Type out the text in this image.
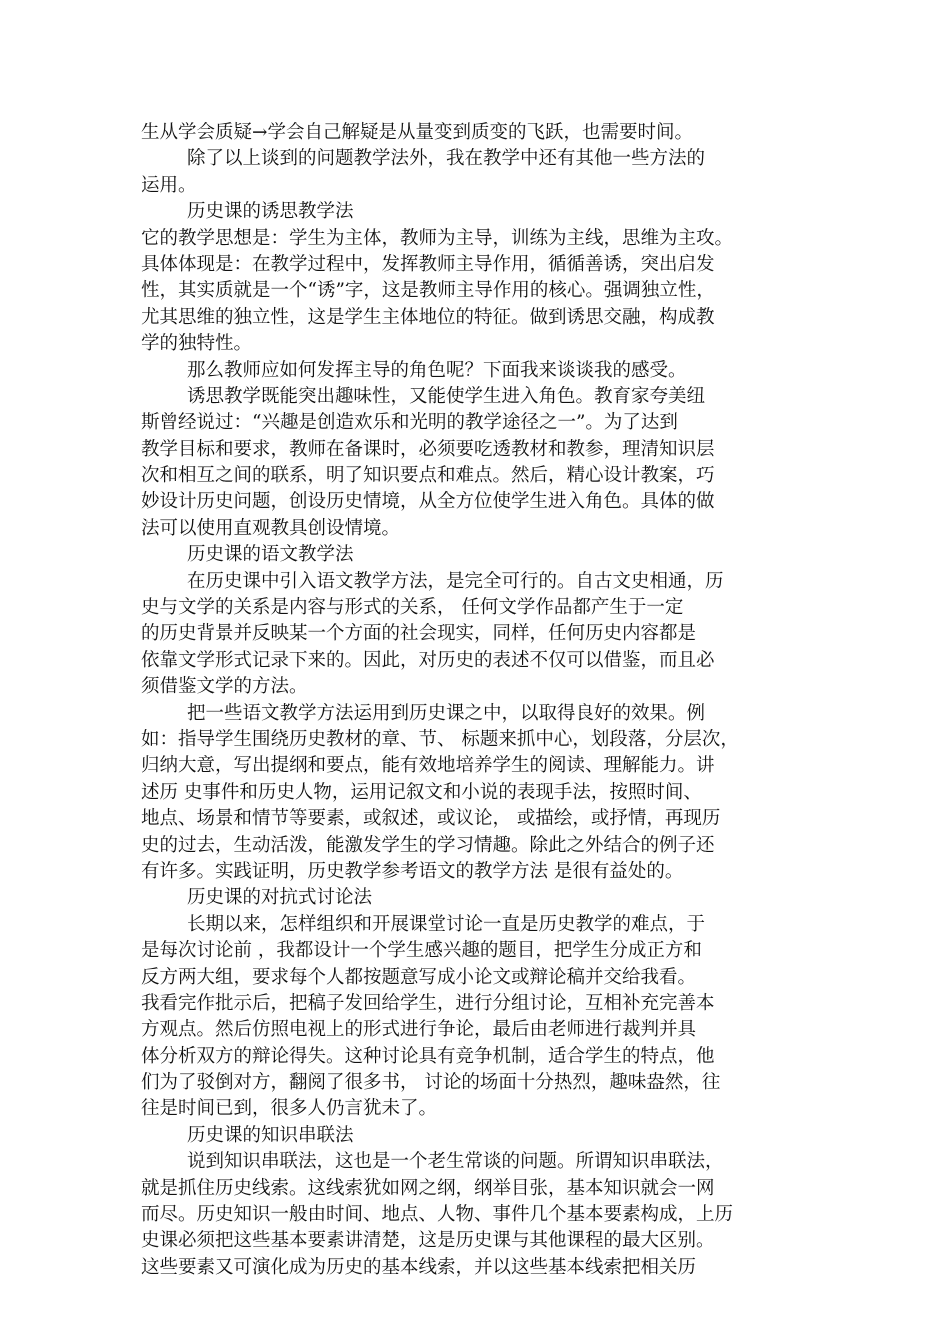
生从学会质疑→学会自己解疑是从量变到质变的飞跃，也需要时间。
除了以上谈到的问题教学法外，我在教学中还有其他一些方法的
运用。
历史课的诱思教学法
它的教学思想是：学生为主体，教师为主导，训练为主线，思维为主攻。
具体体现是：在教学过程中，发挥教师主导作用，循循善诱，突出启发
性，其实质就是一个“诱”字，这是教师主导作用的核心。强调独立性，
尤其思维的独立性，这是学生主体地位的特征。做到诱思交融，构成教
学的独特性。
那么教师应如何发挥主导的角色呢？下面我来谈谈我的感受。
诱思教学既能突出趣味性，又能使学生进入角色。教育家夸美纽
斯曾经说过：“兴趣是创造欢乐和光明的教学途径之一”。为了达到
教学目标和要求，教师在备课时，必须要吃透教材和教参，理清知识层
次和相互之间的联系，明了知识要点和难点。然后，精心设计教案，巧
妙设计历史问题，创设历史情境，从全方位使学生进入角色。具体的做
法可以使用直观教具创设情境。
历史课的语文教学法
在历史课中引入语文教学方法，是完全可行的。自古文史相通，历
史与文学的关系是内容与形式的关系， 任何文学作品都产生于一定
的历史背景并反映某一个方面的社会现实，同样，任何历史内容都是
依靠文学形式记录下来的。因此，对历史的表述不仅可以借鉴，而且必
须借鉴文学的方法。
把一些语文教学方法运用到历史课之中，以取得良好的效果。例
如：指导学生围绕历史教材的章、节、 标题来抓中心，划段落，分层次，
归纳大意，写出提纲和要点，能有效地培养学生的阅读、理解能力。讲
述历 史事件和历史人物，运用记叙文和小说的表现手法，按照时间、
地点、场景和情节等要素，或叙述，或议论， 或描绘，或抒情，再现历
史的过去，生动活泼，能激发学生的学习情趣。除此之外结合的例子还
有许多。实践证明，历史教学参考语文的教学方法 是很有益处的。
历史课的对抗式讨论法
长期以来，怎样组织和开展课堂讨论一直是历史教学的难点，于
是每次讨论前 ，我都设计一个学生感兴趣的题目，把学生分成正方和
反方两大组，要求每个人都按题意写成小论文或辩论稿并交给我看。
我看完作批示后，把稿子发回给学生，进行分组讨论，互相补充完善本
方观点。然后仿照电视上的形式进行争论，最后由老师进行裁判并具
体分析双方的辩论得失。这种讨论具有竞争机制，适合学生的特点，他
们为了驳倒对方，翻阅了很多书， 讨论的场面十分热烈，趣味盎然，往
往是时间已到，很多人仍言犹未了。
历史课的知识串联法
说到知识串联法，这也是一个老生常谈的问题。所谓知识串联法，
就是抓住历史线索。这线索犹如网之纲，纲举目张，基本知识就会一网
而尽。历史知识一般由时间、地点、人物、事件几个基本要素构成，上历
史课必须把这些基本要素讲清楚，这是历史课与其他课程的最大区别。
这些要素又可演化成为历史的基本线索，并以这些基本线索把相关历
